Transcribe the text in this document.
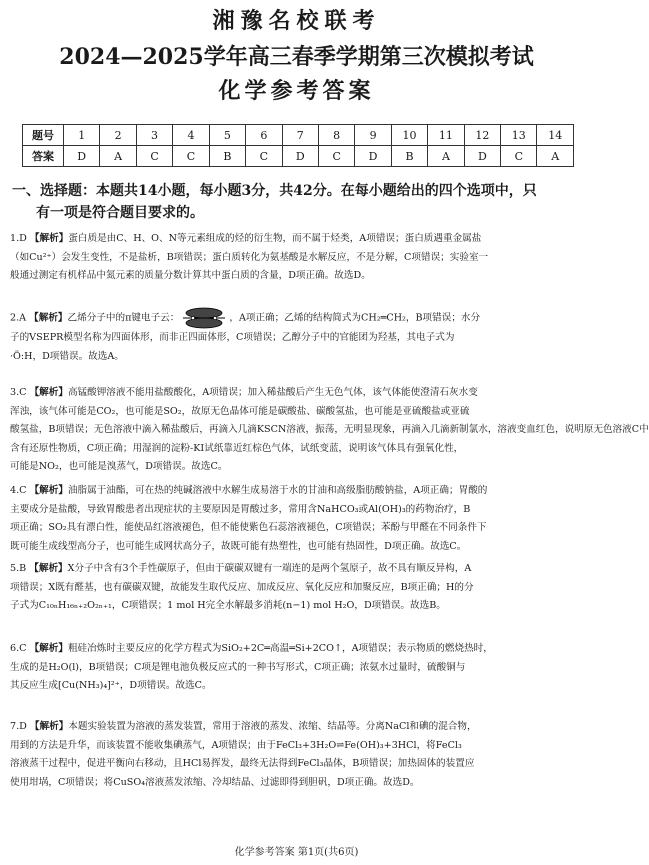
湘豫名校联考
2024—2025学年高三春季学期第三次模拟考试
化学参考答案
题号	1	2	3	4	5	6	7	8	9	10	11	12	13	14
答案	D	A	C	C	B	C	D	C	D	B	A	D	C	A
一、选择题：本题共14小题，每小题3分，共42分。在每小题给出的四个选项中，只
有一项是符合题目要求的。
1.D 【解析】蛋白质是由C、H、O、N等元素组成的烃的衍生物，而不属于烃类，A项错误；蛋白质遇重金属盐
（如Cu²⁺）会发生变性，不是盐析，B项错误；蛋白质转化为氨基酸是水解反应，不是分解，C项错误；实验室一
般通过测定有机样品中氮元素的质量分数计算其中蛋白质的含量，D项正确。故选D。
2.A 【解析】乙烯分子中的π键电子云：	，A项正确；乙烯的结构简式为CH₂═CH₂，B项错误；水分
子的VSEPR模型名称为四面体形，而非正四面体形，C项错误；乙醇分子中的官能团为羟基，其电子式为
·Ö:H，D项错误。故选A。
3.C 【解析】高锰酸钾溶液不能用盐酸酸化，A项错误；加入稀盐酸后产生无色气体，该气体能使澄清石灰水变
浑浊，该气体可能是CO₂，也可能是SO₂，故原无色晶体可能是碳酸盐、碳酸氢盐，也可能是亚硫酸盐或亚硫
酸氢盐，B项错误；无色溶液中滴入稀盐酸后，再滴入几滴KSCN溶液，振荡，无明显现象，再滴入几滴新制氯水，溶液变血红色，说明原无色溶液C中
含有还原性物质，C项正确；用湿润的淀粉-KI试纸靠近红棕色气体，试纸变蓝，说明该气体具有强氧化性，
可能是NO₂，也可能是溴蒸气，D项错误。故选C。
4.C 【解析】油脂属于油酯，可在热的纯碱溶液中水解生成易溶于水的甘油和高级脂肪酸钠盐，A项正确；胃酸的
主要成分是盐酸，导致胃酸患者出现症状的主要原因是胃酸过多，常用含NaHCO₃或Al(OH)₃的药物治疗，B
项正确；SO₂具有漂白性，能使品红溶液褪色，但不能使紫色石蕊溶液褪色，C项错误；苯酚与甲醛在不同条件下
既可能生成线型高分子，也可能生成网状高分子，故既可能有热塑性，也可能有热固性，D项正确。故选C。
5.B 【解析】X分子中含有3个手性碳原子，但由于碳碳双键有一端连的是两个氢原子，故不具有顺反异构，A
项错误；X既有醛基，也有碳碳双键，故能发生取代反应、加成反应、氧化反应和加聚反应，B项正确；H的分
子式为C₁₀ₙH₁₆ₙ₊₂O₂ₙ₊₁，C项错误；1 mol H完全水解最多消耗(n−1) mol H₂O，D项错误。故选B。
6.C 【解析】粗硅冶炼时主要反应的化学方程式为SiO₂+2C═高温═Si+2CO↑，A项错误；表示物质的燃烧热时，
生成的是H₂O(l)，B项错误；C项是锂电池负极反应式的一种书写形式，C项正确；浓氨水过量时，硫酸铜与
其反应生成[Cu(NH₃)₄]²⁺，D项错误。故选C。
7.D 【解析】本题实验装置为溶液的蒸发装置，常用于溶液的蒸发、浓缩、结晶等。分离NaCl和碘的混合物，
用到的方法是升华，而该装置不能收集碘蒸气，A项错误；由于FeCl₃+3H₂O⇌Fe(OH)₃+3HCl，将FeCl₃
溶液蒸干过程中，促进平衡向右移动，且HCl易挥发，最终无法得到FeCl₃晶体，B项错误；加热固体的装置应
使用坩埚，C项错误；将CuSO₄溶液蒸发浓缩、冷却结晶、过滤即得到胆矾，D项正确。故选D。
化学参考答案 第1页(共6页)
